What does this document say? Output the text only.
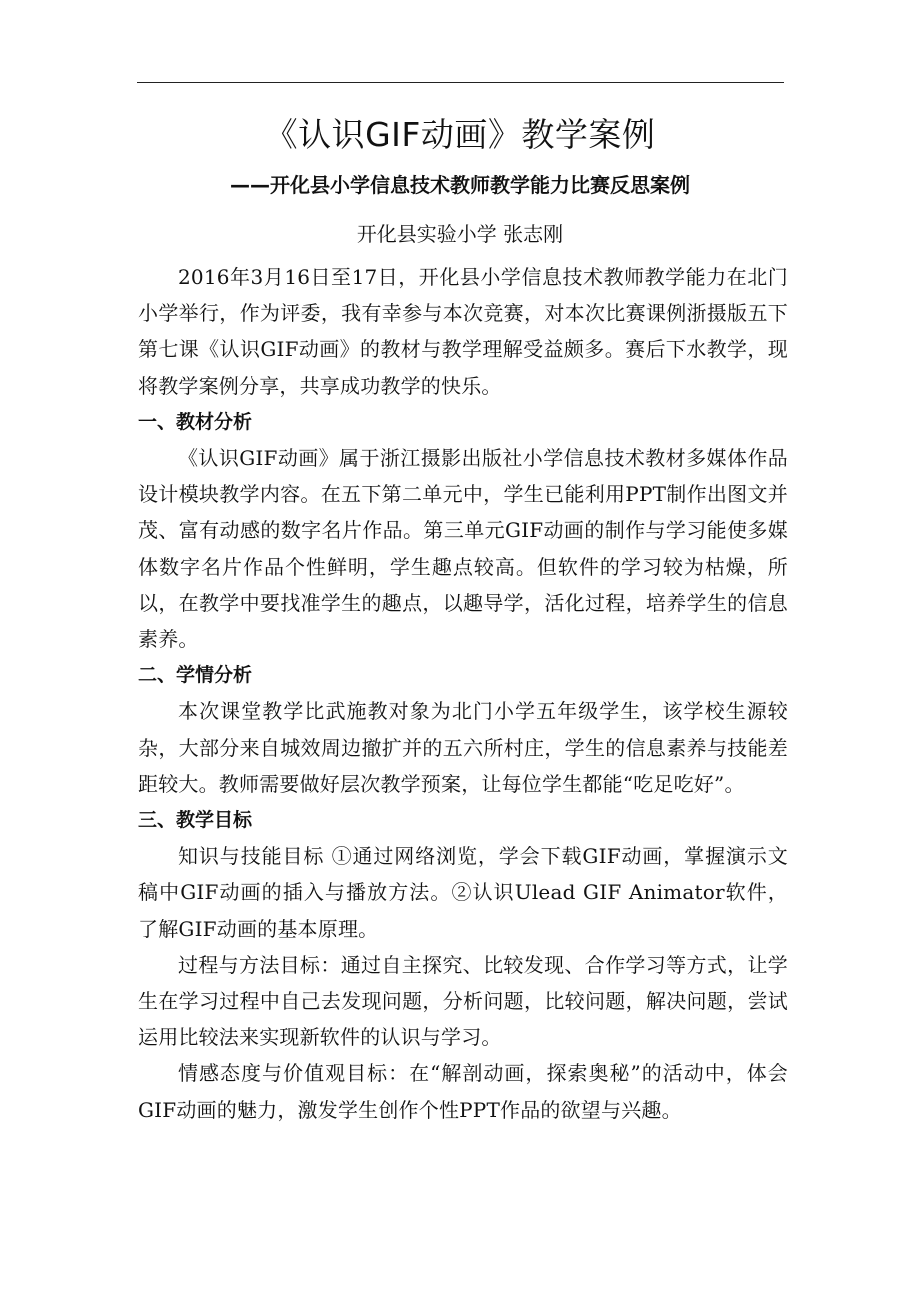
《认识GIF动画》教学案例
——开化县小学信息技术教师教学能力比赛反思案例
开化县实验小学 张志刚

2016年3月16日至17日，开化县小学信息技术教师教学能力在北门小学举行，作为评委，我有幸参与本次竞赛，对本次比赛课例浙摄版五下第七课《认识GIF动画》的教材与教学理解受益颇多。赛后下水教学，现将教学案例分享，共享成功教学的快乐。

一、教材分析

《认识GIF动画》属于浙江摄影出版社小学信息技术教材多媒体作品设计模块教学内容。在五下第二单元中，学生已能利用PPT制作出图文并茂、富有动感的数字名片作品。第三单元GIF动画的制作与学习能使多媒体数字名片作品个性鲜明，学生趣点较高。但软件的学习较为枯燥，所以，在教学中要找准学生的趣点，以趣导学，活化过程，培养学生的信息素养。

二、学情分析

本次课堂教学比武施教对象为北门小学五年级学生，该学校生源较杂，大部分来自城效周边撤扩并的五六所村庄，学生的信息素养与技能差距较大。教师需要做好层次教学预案，让每位学生都能“吃足吃好”。

三、教学目标

知识与技能目标 ①通过网络浏览，学会下载GIF动画，掌握演示文稿中GIF动画的插入与播放方法。②认识Ulead GIF Animator软件，了解GIF动画的基本原理。

过程与方法目标：通过自主探究、比较发现、合作学习等方式，让学生在学习过程中自己去发现问题，分析问题，比较问题，解决问题，尝试运用比较法来实现新软件的认识与学习。

情感态度与价值观目标：在“解剖动画，探索奥秘”的活动中，体会GIF动画的魅力，激发学生创作个性PPT作品的欲望与兴趣。
